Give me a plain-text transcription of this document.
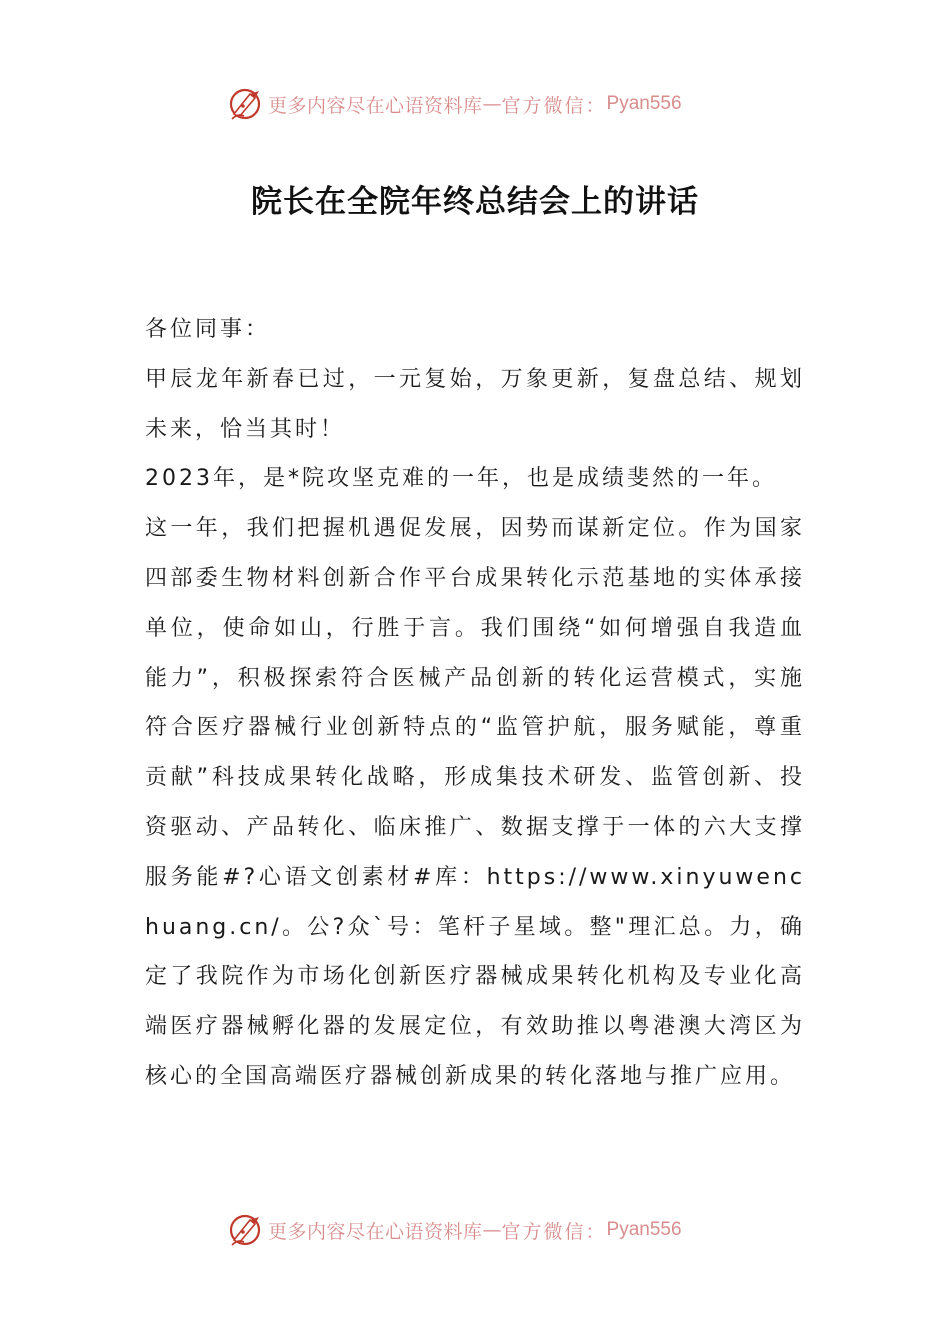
更多内容尽在心语资料库 — 官方微信： Pyan556
院长在全院年终总结会上的讲话

各位同事：

甲辰龙年新春已过，一元复始，万象更新，复盘总结、规划未来，恰当其时！

2023年，是*院攻坚克难的一年，也是成绩斐然的一年。

这一年，我们把握机遇促发展，因势而谋新定位。作为国家四部委生物材料创新合作平台成果转化示范基地的实体承接单位，使命如山，行胜于言。我们围绕“如何增强自我造血能力”，积极探索符合医械产品创新的转化运营模式，实施符合医疗器械行业创新特点的“监管护航，服务赋能，尊重贡献”科技成果转化战略，形成集技术研发、监管创新、投资驱动、产品转化、临床推广、数据支撑于一体的六大支撑服务能#?心语文创素材#库：https://www.xinyuwenchuang.cn/。公?众`号：笔杆子星域。整"理汇总。力，确定了我院作为市场化创新医疗器械成果转化机构及专业化高端医疗器械孵化器的发展定位，有效助推以粤港澳大湾区为核心的全国高端医疗器械创新成果的转化落地与推广应用。

更多内容尽在心语资料库 — 官方微信： Pyan556
